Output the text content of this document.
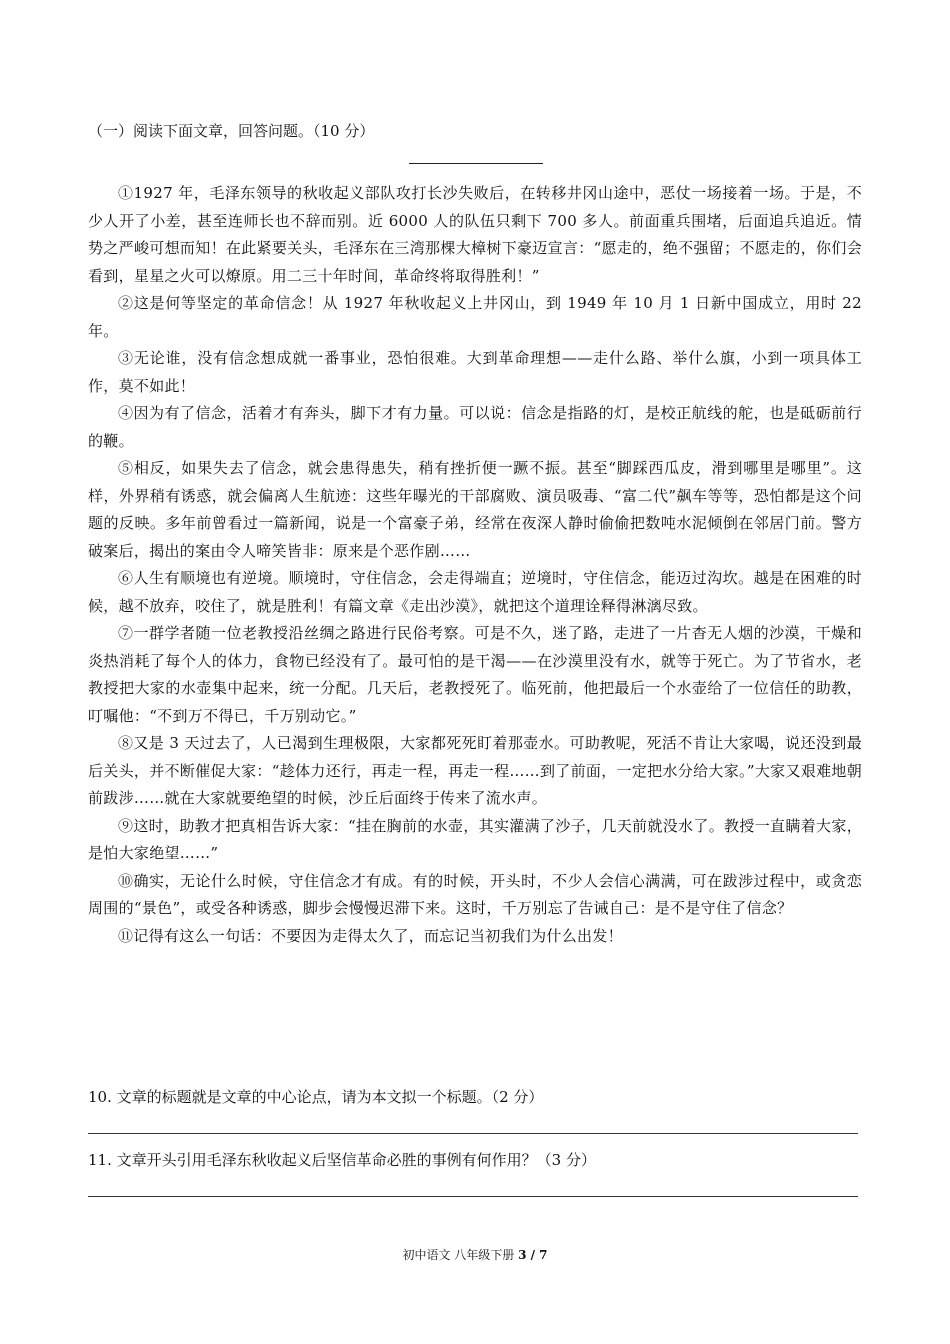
（一）阅读下面文章，回答问题。（10 分）

①1927 年，毛泽东领导的秋收起义部队攻打长沙失败后，在转移井冈山途中，恶仗一场接着一场。于是，不少人开了小差，甚至连师长也不辞而别。近 6000 人的队伍只剩下 700 多人。前面重兵围堵，后面追兵追近。情势之严峻可想而知！在此紧要关头，毛泽东在三湾那棵大樟树下豪迈宣言：“愿走的，绝不强留；不愿走的，你们会看到，星星之火可以燎原。用二三十年时间，革命终将取得胜利！”

②这是何等坚定的革命信念！从 1927 年秋收起义上井冈山，到 1949 年 10 月 1 日新中国成立，用时 22 年。

③无论谁，没有信念想成就一番事业，恐怕很难。大到革命理想——走什么路、举什么旗，小到一项具体工作，莫不如此！

④因为有了信念，活着才有奔头，脚下才有力量。可以说：信念是指路的灯，是校正航线的舵，也是砥砺前行的鞭。

⑤相反，如果失去了信念，就会患得患失，稍有挫折便一蹶不振。甚至“脚踩西瓜皮，滑到哪里是哪里”。这样，外界稍有诱惑，就会偏离人生航迹：这些年曝光的干部腐败、演员吸毒、“富二代”飙车等等，恐怕都是这个问题的反映。多年前曾看过一篇新闻，说是一个富豪子弟，经常在夜深人静时偷偷把数吨水泥倾倒在邻居门前。警方破案后，揭出的案由令人啼笑皆非：原来是个恶作剧……

⑥人生有顺境也有逆境。顺境时，守住信念，会走得端直；逆境时，守住信念，能迈过沟坎。越是在困难的时候，越不放弃，咬住了，就是胜利！有篇文章《走出沙漠》，就把这个道理诠释得淋漓尽致。

⑦一群学者随一位老教授沿丝绸之路进行民俗考察。可是不久，迷了路，走进了一片杳无人烟的沙漠，干燥和炎热消耗了每个人的体力，食物已经没有了。最可怕的是干渴——在沙漠里没有水，就等于死亡。为了节省水，老教授把大家的水壶集中起来，统一分配。几天后，老教授死了。临死前，他把最后一个水壶给了一位信任的助教，叮嘱他：“不到万不得已，千万别动它。”

⑧又是 3 天过去了，人已渴到生理极限，大家都死死盯着那壶水。可助教呢，死活不肯让大家喝，说还没到最后关头，并不断催促大家：“趁体力还行，再走一程，再走一程……到了前面，一定把水分给大家。”大家又艰难地朝前跋涉……就在大家就要绝望的时候，沙丘后面终于传来了流水声。

⑨这时，助教才把真相告诉大家：“挂在胸前的水壶，其实灌满了沙子，几天前就没水了。教授一直瞒着大家，是怕大家绝望……”

⑩确实，无论什么时候，守住信念才有成。有的时候，开头时，不少人会信心满满，可在跋涉过程中，或贪恋周围的“景色”，或受各种诱惑，脚步会慢慢迟滞下来。这时，千万别忘了告诫自己：是不是守住了信念？

⑪记得有这么一句话：不要因为走得太久了，而忘记当初我们为什么出发！

10. 文章的标题就是文章的中心论点，请为本文拟一个标题。（2 分）
11. 文章开头引用毛泽东秋收起义后坚信革命必胜的事例有何作用？（3 分）
初中语文 八年级下册 3 / 7
